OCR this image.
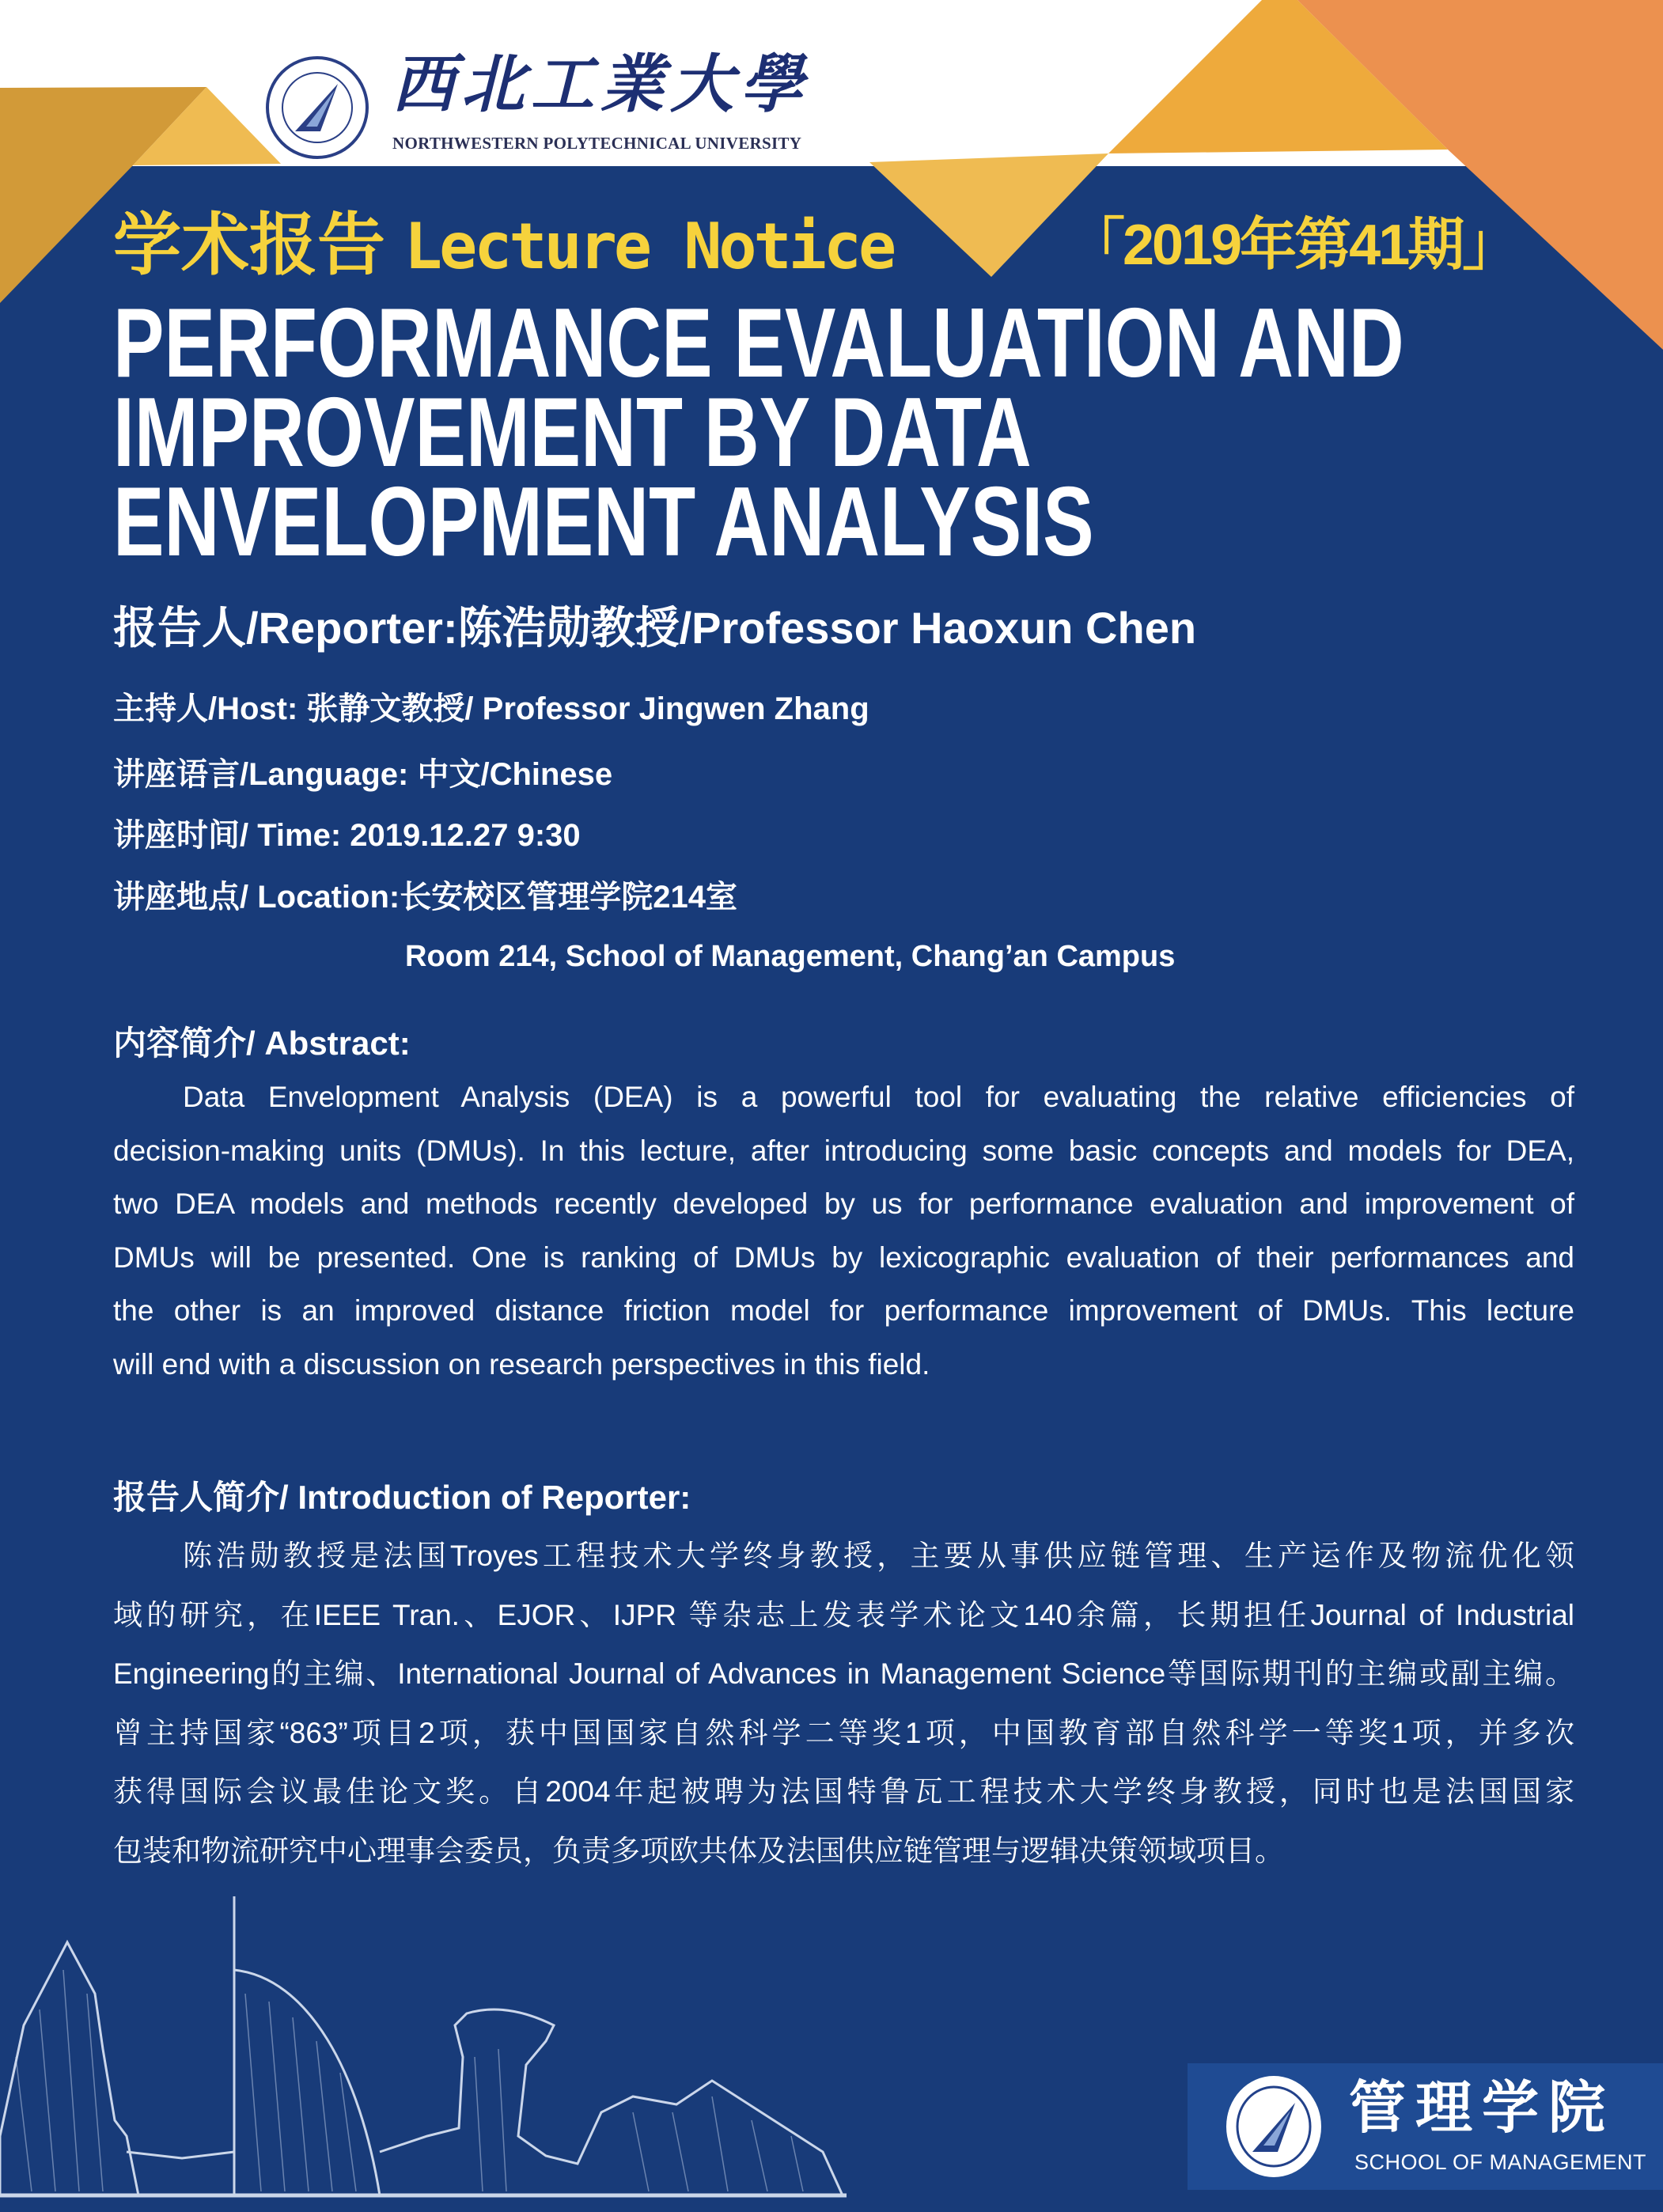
西北工業大學
NORTHWESTERN POLYTECHNICAL UNIVERSITY
学术报告 Lecture Notice	「2019年第41期」
PERFORMANCE EVALUATION AND
IMPROVEMENT BY DATA
ENVELOPMENT ANALYSIS
报告人/Reporter:陈浩勋教授/Professor Haoxun Chen
主持人/Host: 张静文教授/ Professor Jingwen Zhang
讲座语言/Language: 中文/Chinese
讲座时间/ Time: 2019.12.27 9:30
讲座地点/ Location:长安校区管理学院214室
Room 214, School of Management, Chang’an Campus
内容简介/ Abstract:
Data Envelopment Analysis (DEA) is a powerful tool for evaluating the relative efficiencies of
decision-making units (DMUs). In this lecture, after introducing some basic concepts and models for DEA,
two DEA models and methods recently developed by us for performance evaluation and improvement of
DMUs will be presented. One is ranking of DMUs by lexicographic evaluation of their performances and
the other is an improved distance friction model for performance improvement of DMUs. This lecture
will end with a discussion on research perspectives in this field.
报告人简介/ Introduction of Reporter:
陈浩勋教授是法国Troyes工程技术大学终身教授，主要从事供应链管理、生产运作及物流优化领
域的研究，在IEEE Tran.、EJOR、IJPR 等杂志上发表学术论文140余篇，长期担任Journal of Industrial
Engineering的主编、International Journal of Advances in Management Science等国际期刊的主编或副主编。
曾主持国家“863”项目2项，获中国国家自然科学二等奖1项，中国教育部自然科学一等奖1项，并多次
获得国际会议最佳论文奖。自2004年起被聘为法国特鲁瓦工程技术大学终身教授，同时也是法国国家
包装和物流研究中心理事会委员，负责多项欧共体及法国供应链管理与逻辑决策领域项目。
管理学院
SCHOOL OF MANAGEMENT
